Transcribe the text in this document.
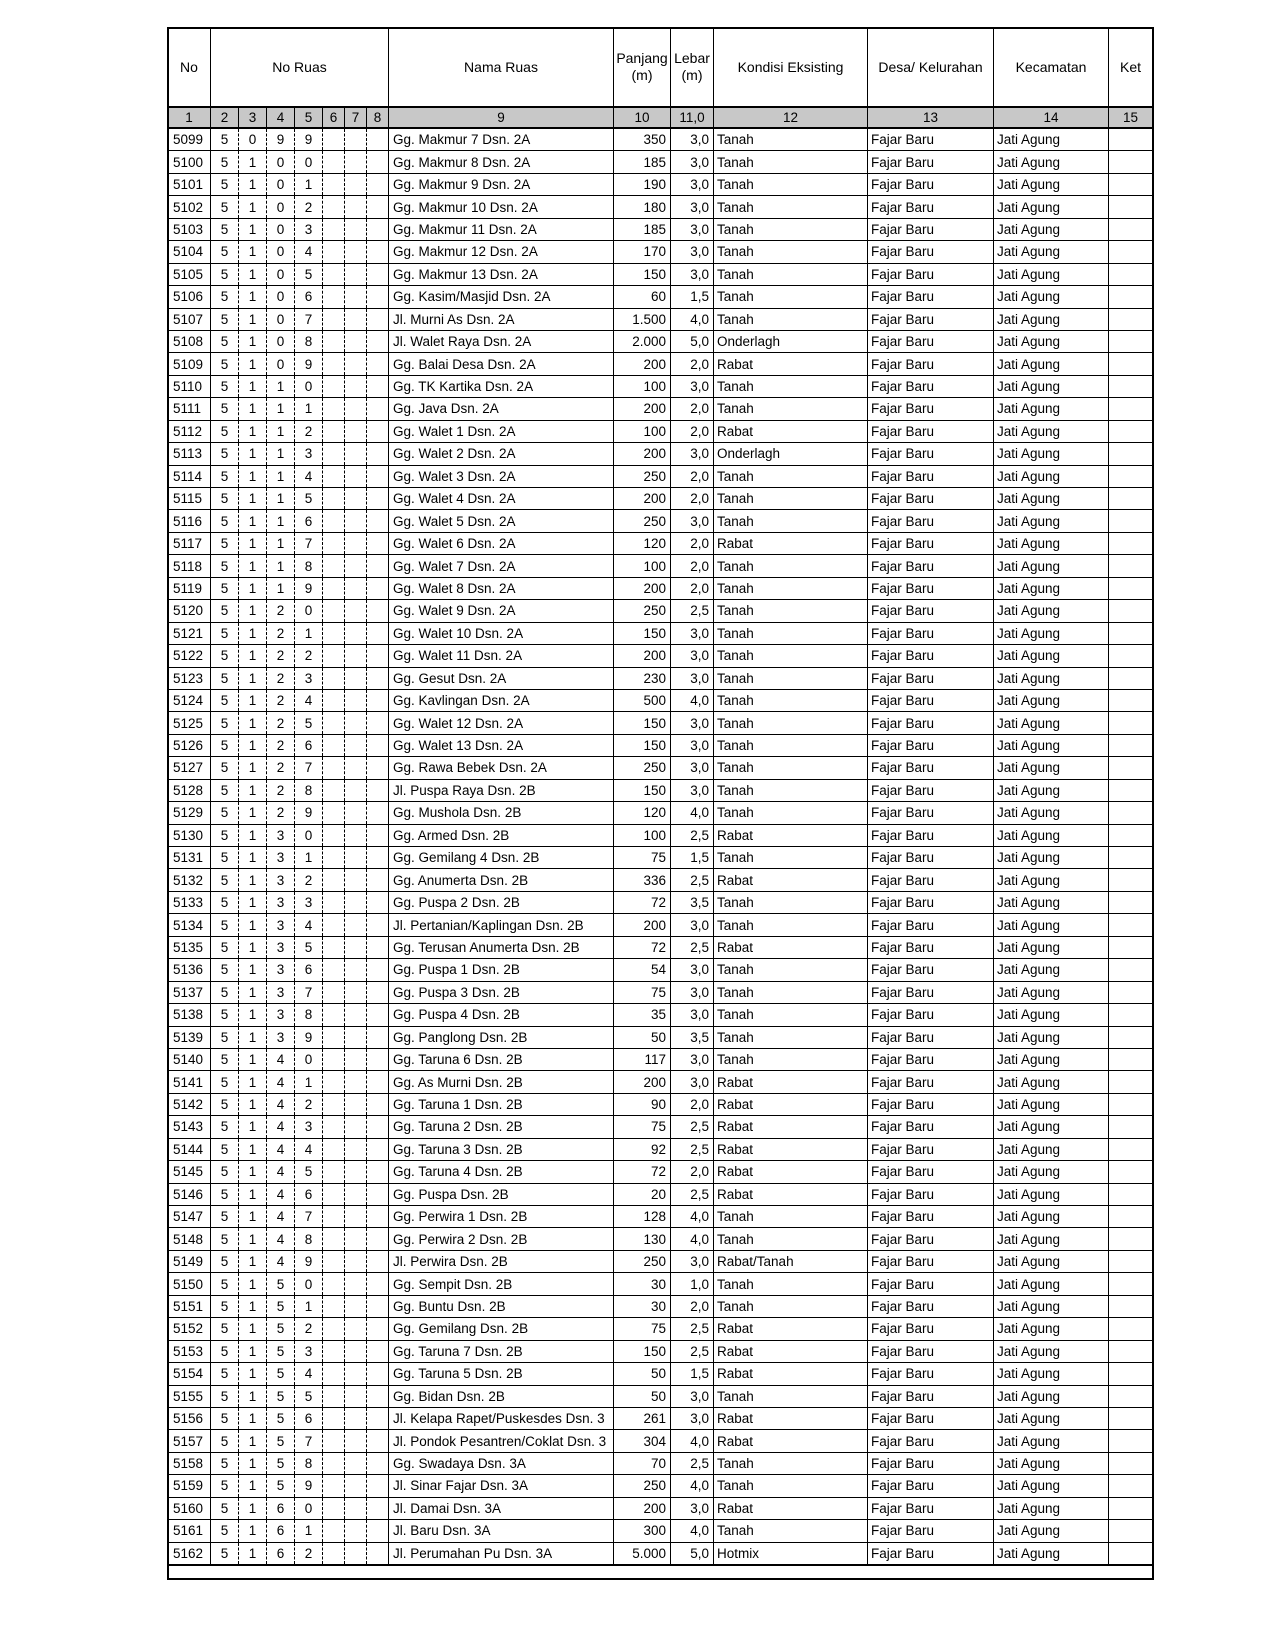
No	No Ruas							Nama Ruas	Panjang
(m)	Lebar
(m)	Kondisi Eksisting	Desa/ Kelurahan	Kecamatan	Ket
1	2	3	4	5	6	7	8	9	10	11,0	12	13	14	15
5099	5	0	9	9				Gg. Makmur 7 Dsn. 2A	350	3,0	Tanah	Fajar Baru	Jati Agung	
5100	5	1	0	0				Gg. Makmur 8 Dsn. 2A	185	3,0	Tanah	Fajar Baru	Jati Agung	
5101	5	1	0	1				Gg. Makmur 9 Dsn. 2A	190	3,0	Tanah	Fajar Baru	Jati Agung	
5102	5	1	0	2				Gg. Makmur 10 Dsn. 2A	180	3,0	Tanah	Fajar Baru	Jati Agung	
5103	5	1	0	3				Gg. Makmur 11 Dsn. 2A	185	3,0	Tanah	Fajar Baru	Jati Agung	
5104	5	1	0	4				Gg. Makmur 12 Dsn. 2A	170	3,0	Tanah	Fajar Baru	Jati Agung	
5105	5	1	0	5				Gg. Makmur 13 Dsn. 2A	150	3,0	Tanah	Fajar Baru	Jati Agung	
5106	5	1	0	6				Gg. Kasim/Masjid Dsn. 2A	60	1,5	Tanah	Fajar Baru	Jati Agung	
5107	5	1	0	7				Jl. Murni As Dsn. 2A	1.500	4,0	Tanah	Fajar Baru	Jati Agung	
5108	5	1	0	8				Jl. Walet Raya Dsn. 2A	2.000	5,0	Onderlagh	Fajar Baru	Jati Agung	
5109	5	1	0	9				Gg. Balai Desa Dsn. 2A	200	2,0	Rabat	Fajar Baru	Jati Agung	
5110	5	1	1	0				Gg. TK Kartika Dsn. 2A	100	3,0	Tanah	Fajar Baru	Jati Agung	
5111	5	1	1	1				Gg. Java Dsn. 2A	200	2,0	Tanah	Fajar Baru	Jati Agung	
5112	5	1	1	2				Gg. Walet 1 Dsn. 2A	100	2,0	Rabat	Fajar Baru	Jati Agung	
5113	5	1	1	3				Gg. Walet 2 Dsn. 2A	200	3,0	Onderlagh	Fajar Baru	Jati Agung	
5114	5	1	1	4				Gg. Walet 3 Dsn. 2A	250	2,0	Tanah	Fajar Baru	Jati Agung	
5115	5	1	1	5				Gg. Walet 4 Dsn. 2A	200	2,0	Tanah	Fajar Baru	Jati Agung	
5116	5	1	1	6				Gg. Walet 5 Dsn. 2A	250	3,0	Tanah	Fajar Baru	Jati Agung	
5117	5	1	1	7				Gg. Walet 6 Dsn. 2A	120	2,0	Rabat	Fajar Baru	Jati Agung	
5118	5	1	1	8				Gg. Walet 7 Dsn. 2A	100	2,0	Tanah	Fajar Baru	Jati Agung	
5119	5	1	1	9				Gg. Walet 8 Dsn. 2A	200	2,0	Tanah	Fajar Baru	Jati Agung	
5120	5	1	2	0				Gg. Walet 9 Dsn. 2A	250	2,5	Tanah	Fajar Baru	Jati Agung	
5121	5	1	2	1				Gg. Walet 10 Dsn. 2A	150	3,0	Tanah	Fajar Baru	Jati Agung	
5122	5	1	2	2				Gg. Walet 11 Dsn. 2A	200	3,0	Tanah	Fajar Baru	Jati Agung	
5123	5	1	2	3				Gg. Gesut Dsn. 2A	230	3,0	Tanah	Fajar Baru	Jati Agung	
5124	5	1	2	4				Gg. Kavlingan Dsn. 2A	500	4,0	Tanah	Fajar Baru	Jati Agung	
5125	5	1	2	5				Gg. Walet 12 Dsn. 2A	150	3,0	Tanah	Fajar Baru	Jati Agung	
5126	5	1	2	6				Gg. Walet 13 Dsn. 2A	150	3,0	Tanah	Fajar Baru	Jati Agung	
5127	5	1	2	7				Gg. Rawa Bebek Dsn. 2A	250	3,0	Tanah	Fajar Baru	Jati Agung	
5128	5	1	2	8				Jl. Puspa Raya Dsn. 2B	150	3,0	Tanah	Fajar Baru	Jati Agung	
5129	5	1	2	9				Gg. Mushola Dsn. 2B	120	4,0	Tanah	Fajar Baru	Jati Agung	
5130	5	1	3	0				Gg. Armed Dsn. 2B	100	2,5	Rabat	Fajar Baru	Jati Agung	
5131	5	1	3	1				Gg. Gemilang 4 Dsn. 2B	75	1,5	Tanah	Fajar Baru	Jati Agung	
5132	5	1	3	2				Gg. Anumerta Dsn. 2B	336	2,5	Rabat	Fajar Baru	Jati Agung	
5133	5	1	3	3				Gg. Puspa 2 Dsn. 2B	72	3,5	Tanah	Fajar Baru	Jati Agung	
5134	5	1	3	4				Jl. Pertanian/Kaplingan Dsn. 2B	200	3,0	Tanah	Fajar Baru	Jati Agung	
5135	5	1	3	5				Gg. Terusan Anumerta Dsn. 2B	72	2,5	Rabat	Fajar Baru	Jati Agung	
5136	5	1	3	6				Gg. Puspa 1 Dsn. 2B	54	3,0	Tanah	Fajar Baru	Jati Agung	
5137	5	1	3	7				Gg. Puspa 3 Dsn. 2B	75	3,0	Tanah	Fajar Baru	Jati Agung	
5138	5	1	3	8				Gg. Puspa 4 Dsn. 2B	35	3,0	Tanah	Fajar Baru	Jati Agung	
5139	5	1	3	9				Gg. Panglong Dsn. 2B	50	3,5	Tanah	Fajar Baru	Jati Agung	
5140	5	1	4	0				Gg. Taruna 6 Dsn. 2B	117	3,0	Tanah	Fajar Baru	Jati Agung	
5141	5	1	4	1				Gg. As Murni Dsn. 2B	200	3,0	Rabat	Fajar Baru	Jati Agung	
5142	5	1	4	2				Gg. Taruna 1 Dsn. 2B	90	2,0	Rabat	Fajar Baru	Jati Agung	
5143	5	1	4	3				Gg. Taruna 2 Dsn. 2B	75	2,5	Rabat	Fajar Baru	Jati Agung	
5144	5	1	4	4				Gg. Taruna 3 Dsn. 2B	92	2,5	Rabat	Fajar Baru	Jati Agung	
5145	5	1	4	5				Gg. Taruna 4 Dsn. 2B	72	2,0	Rabat	Fajar Baru	Jati Agung	
5146	5	1	4	6				Gg. Puspa Dsn. 2B	20	2,5	Rabat	Fajar Baru	Jati Agung	
5147	5	1	4	7				Gg. Perwira 1 Dsn. 2B	128	4,0	Tanah	Fajar Baru	Jati Agung	
5148	5	1	4	8				Gg. Perwira 2 Dsn. 2B	130	4,0	Tanah	Fajar Baru	Jati Agung	
5149	5	1	4	9				Jl. Perwira Dsn. 2B	250	3,0	Rabat/Tanah	Fajar Baru	Jati Agung	
5150	5	1	5	0				Gg. Sempit Dsn. 2B	30	1,0	Tanah	Fajar Baru	Jati Agung	
5151	5	1	5	1				Gg. Buntu Dsn. 2B	30	2,0	Tanah	Fajar Baru	Jati Agung	
5152	5	1	5	2				Gg. Gemilang Dsn. 2B	75	2,5	Rabat	Fajar Baru	Jati Agung	
5153	5	1	5	3				Gg. Taruna 7 Dsn. 2B	150	2,5	Rabat	Fajar Baru	Jati Agung	
5154	5	1	5	4				Gg. Taruna 5 Dsn. 2B	50	1,5	Rabat	Fajar Baru	Jati Agung	
5155	5	1	5	5				Gg. Bidan Dsn. 2B	50	3,0	Tanah	Fajar Baru	Jati Agung	
5156	5	1	5	6				Jl. Kelapa Rapet/Puskesdes Dsn. 3	261	3,0	Rabat	Fajar Baru	Jati Agung	
5157	5	1	5	7				Jl. Pondok Pesantren/Coklat Dsn. 3	304	4,0	Rabat	Fajar Baru	Jati Agung	
5158	5	1	5	8				Gg. Swadaya Dsn. 3A	70	2,5	Tanah	Fajar Baru	Jati Agung	
5159	5	1	5	9				Jl. Sinar Fajar Dsn. 3A	250	4,0	Tanah	Fajar Baru	Jati Agung	
5160	5	1	6	0				Jl. Damai Dsn. 3A	200	3,0	Rabat	Fajar Baru	Jati Agung	
5161	5	1	6	1				Jl. Baru Dsn. 3A	300	4,0	Tanah	Fajar Baru	Jati Agung	
5162	5	1	6	2				Jl. Perumahan Pu Dsn. 3A	5.000	5,0	Hotmix	Fajar Baru	Jati Agung	
